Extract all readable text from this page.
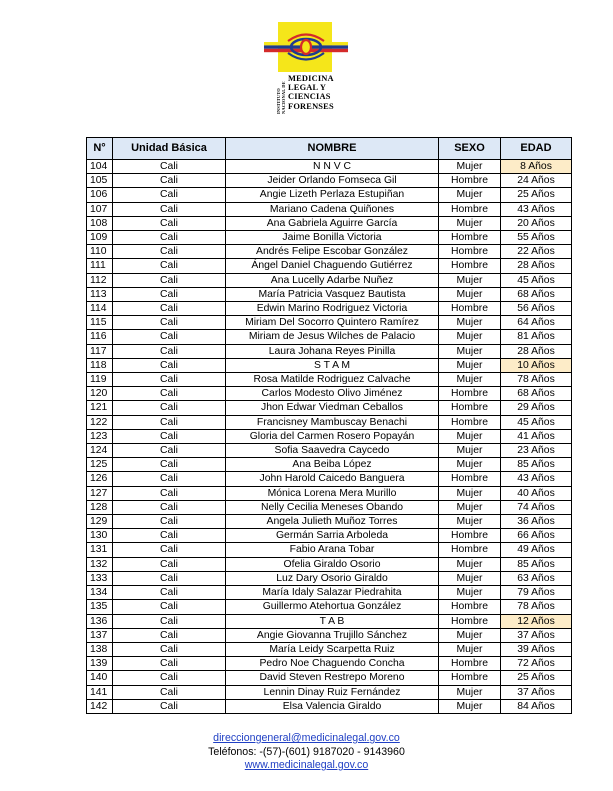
INSTITUTO NACIONAL DE
MEDICINA
LEGAL Y
CIENCIAS
FORENSES
N°	Unidad Básica	NOMBRE	SEXO	EDAD
104	Cali	N N V C	Mujer	8 Años
105	Cali	Jeider Orlando Fomseca Gil	Hombre	24 Años
106	Cali	Angie Lizeth Perlaza Estupiñan	Mujer	25 Años
107	Cali	Mariano Cadena Quiñones	Hombre	43 Años
108	Cali	Ana Gabriela Aguirre García	Mujer	20 Años
109	Cali	Jaime Bonilla Victoria	Hombre	55 Años
110	Cali	Andrés Felipe Escobar González	Hombre	22 Años
111	Cali	Ángel Daniel Chaguendo Gutiérrez	Hombre	28 Años
112	Cali	Ana Lucelly Adarbe Nuñez	Mujer	45 Años
113	Cali	María Patricia Vasquez Bautista	Mujer	68 Años
114	Cali	Edwin Marino Rodriguez Victoria	Hombre	56 Años
115	Cali	Miriam Del Socorro Quintero Ramírez	Mujer	64 Años
116	Cali	Miriam de Jesus Wilches de Palacio	Mujer	81 Años
117	Cali	Laura Johana Reyes Pinilla	Mujer	28 Años
118	Cali	S T A M	Mujer	10 Años
119	Cali	Rosa Matilde Rodriguez Calvache	Mujer	78 Años
120	Cali	Carlos Modesto Olivo Jiménez	Hombre	68 Años
121	Cali	Jhon Edwar Viedman Ceballos	Hombre	29 Años
122	Cali	Francisney Mambuscay Benachi	Hombre	45 Años
123	Cali	Gloria del Carmen Rosero Popayán	Mujer	41 Años
124	Cali	Sofia Saavedra Caycedo	Mujer	23 Años
125	Cali	Ana Beiba López	Mujer	85 Años
126	Cali	John Harold Caicedo Banguera	Hombre	43 Años
127	Cali	Mónica Lorena Mera Murillo	Mujer	40 Años
128	Cali	Nelly Cecilia Meneses Obando	Mujer	74 Años
129	Cali	Angela Julieth Muñoz Torres	Mujer	36 Años
130	Cali	Germán Sarria Arboleda	Hombre	66 Años
131	Cali	Fabio Arana Tobar	Hombre	49 Años
132	Cali	Ofelia Giraldo Osorio	Mujer	85 Años
133	Cali	Luz Dary Osorio Giraldo	Mujer	63 Años
134	Cali	María Idaly Salazar Piedrahita	Mujer	79 Años
135	Cali	Guillermo Atehortua González	Hombre	78 Años
136	Cali	T A B	Hombre	12 Años
137	Cali	Angie Giovanna Trujillo Sánchez	Mujer	37 Años
138	Cali	María Leidy Scarpetta Ruiz	Mujer	39 Años
139	Cali	Pedro Noe Chaguendo Concha	Hombre	72 Años
140	Cali	David Steven Restrepo Moreno	Hombre	25 Años
141	Cali	Lennin Dinay Ruiz Fernández	Mujer	37 Años
142	Cali	Elsa Valencia Giraldo	Mujer	84 Años
direcciongeneral@medicinalegal.gov.co
Teléfonos: -(57)-(601) 9187020 - 9143960
www.medicinalegal.gov.co
